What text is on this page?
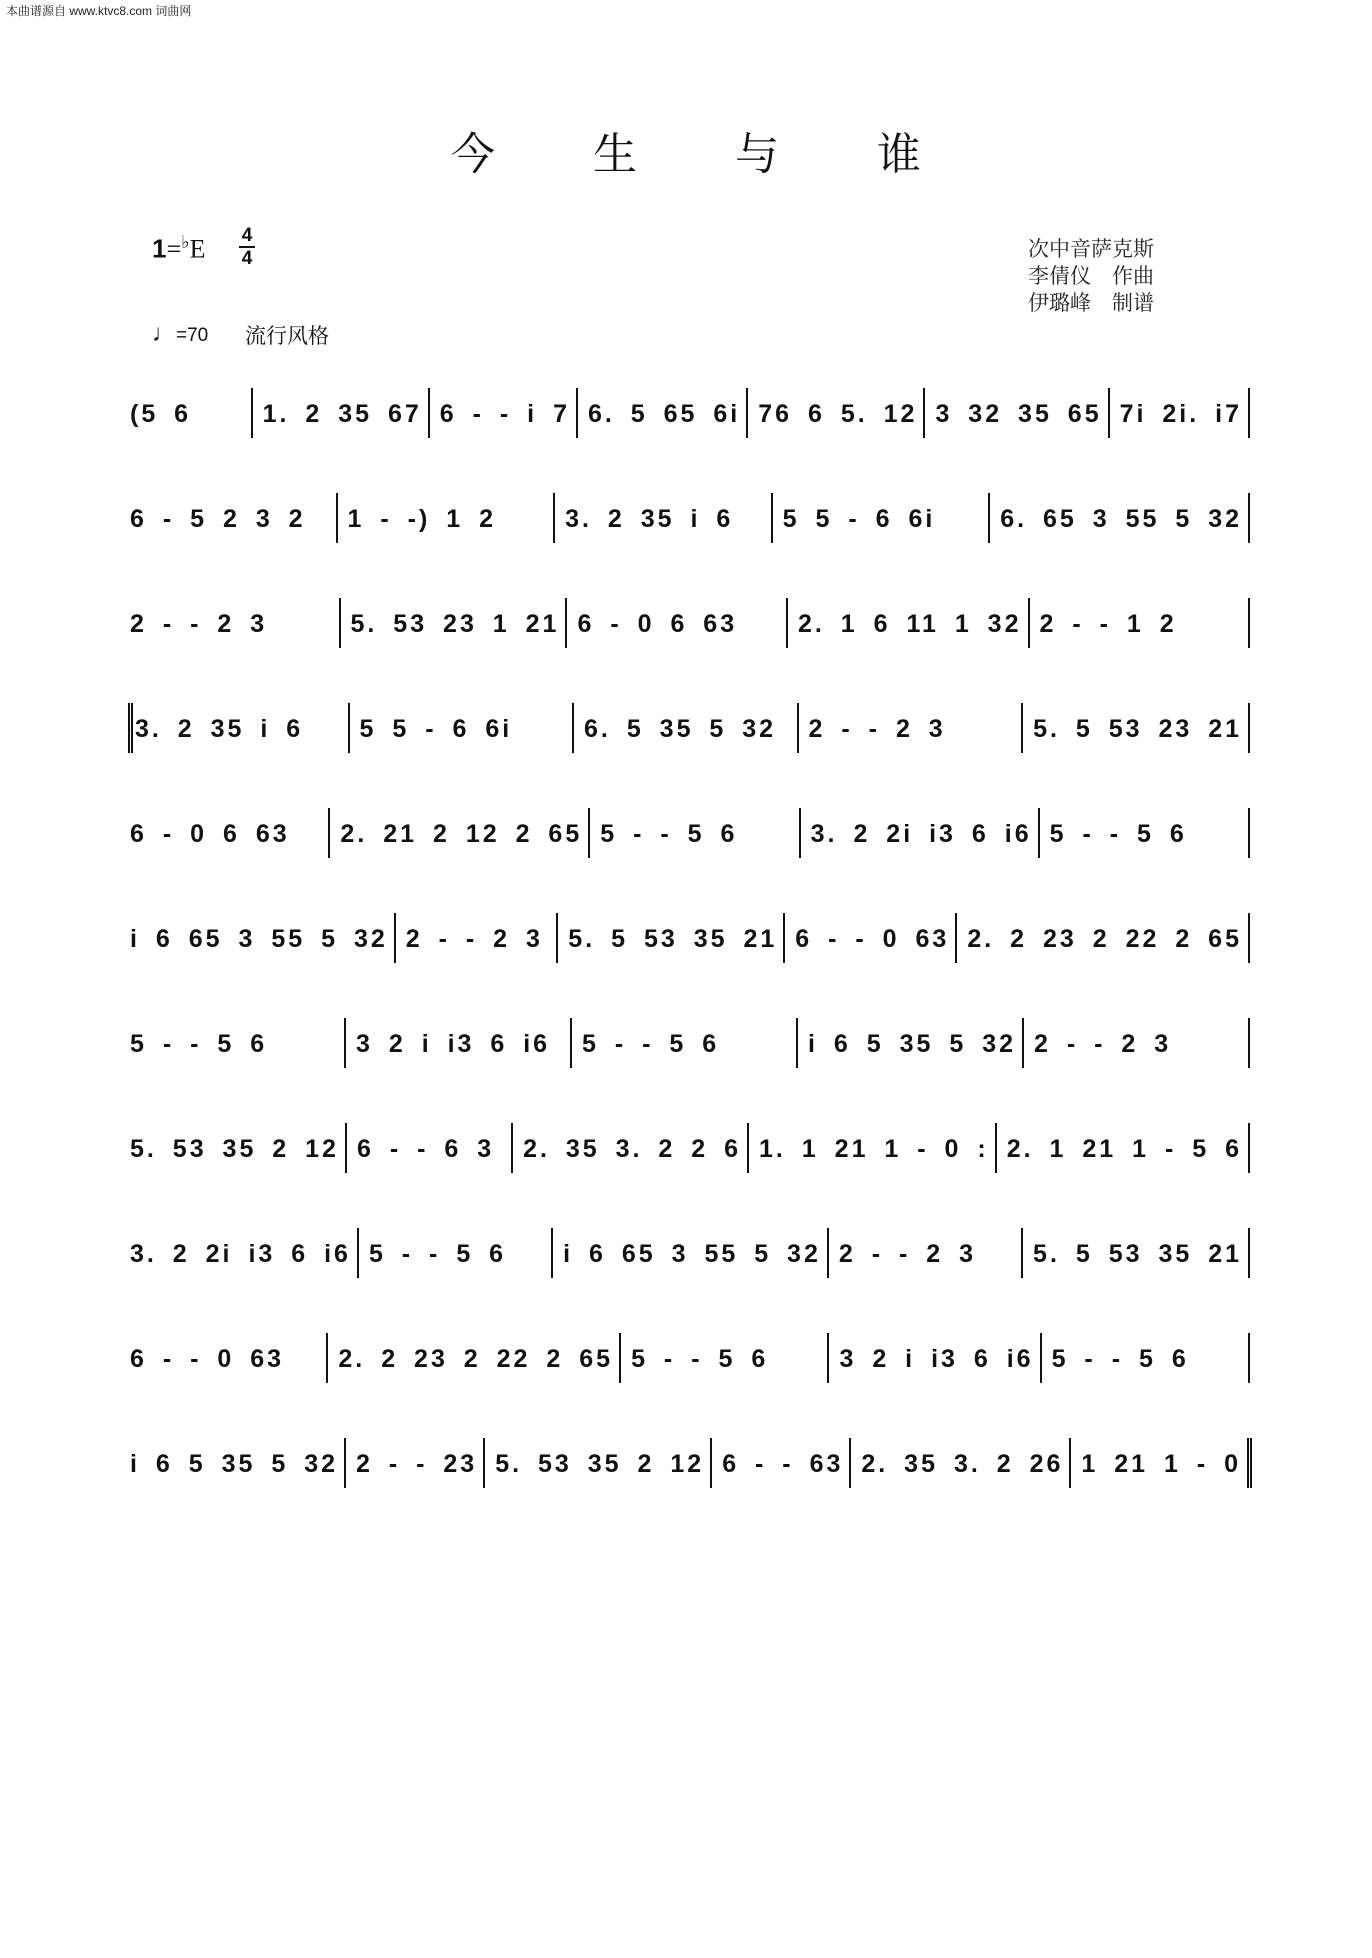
本曲谱源自 www.ktvc8.com 词曲网
今 生 与 谁
1=♭E 4
4
♩=70 流行风格
次中音萨克斯
李倩仪　作曲
伊璐峰　制谱
(5 6	1. 2 35 67 6 - - i 7 6. 5 65 6i 76 6 5. 12 3 32 35 65 7i 2i. i7
6 - 5 2 3 2	1 - -) 1 2	3. 2 35 i 6	5 5 - 6 6i	6. 65 3 55 5 32
2 - - 2 3	5. 53 23 1 21 6 - 0 6 63	2. 1 6 11 1 32 2 - - 1 2
3. 2 35 i 6	5 5 - 6 6i	6. 5 35 5 32	2 - - 2 3	5. 5 53 23 21
6 - 0 6 63	2. 21 2 12 2 65 5 - - 5 6	3. 2 2i i3 6 i6 5 - - 5 6
i 6 65 3 55 5 32 2 - - 2 3	5. 5 53 35 21 6 - - 0 63 2. 2 23 2 22 2 65
5 - - 5 6	3 2 i i3 6 i6	5 - - 5 6	i 6 5 35 5 32 2 - - 2 3
5. 53 35 2 12 6 - - 6 3	2. 35 3. 2 2 6 1. 1 21 1 - 0 : 2. 1 21 1 - 5 6
3. 2 2i i3 6 i6 5 - - 5 6	i 6 65 3 55 5 32 2 - - 2 3	5. 5 53 35 21
6 - - 0 63	2. 2 23 2 22 2 65 5 - - 5 6	3 2 i i3 6 i6 5 - - 5 6
i 6 5 35 5 32 2 - - 23 5. 53 35 2 12 6 - - 63 2. 35 3. 2 26 1 21 1 - 0
